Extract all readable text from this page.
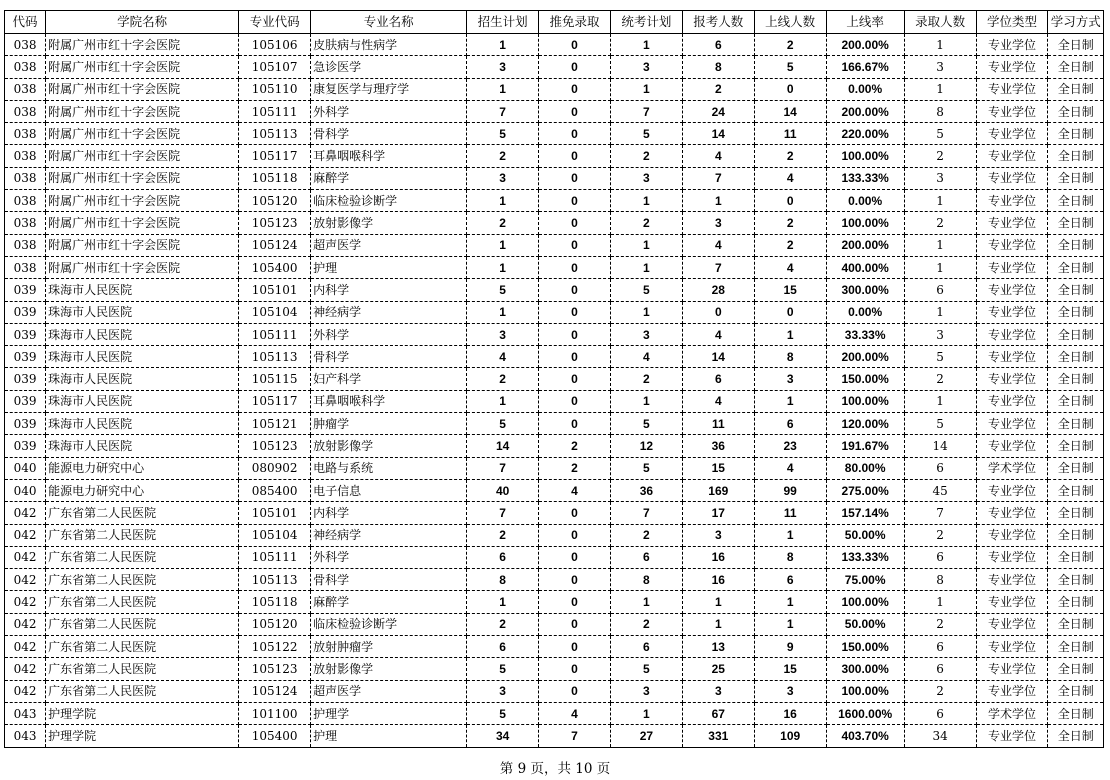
代码	学院名称	专业代码	专业名称	招生计划	推免录取	统考计划	报考人数	上线人数	上线率	录取人数	学位类型	学习方式
038	附属广州市红十字会医院	105106	皮肤病与性病学	1	0	1	6	2	200.00%	1	专业学位	全日制
038	附属广州市红十字会医院	105107	急诊医学	3	0	3	8	5	166.67%	3	专业学位	全日制
038	附属广州市红十字会医院	105110	康复医学与理疗学	1	0	1	2	0	0.00%	1	专业学位	全日制
038	附属广州市红十字会医院	105111	外科学	7	0	7	24	14	200.00%	8	专业学位	全日制
038	附属广州市红十字会医院	105113	骨科学	5	0	5	14	11	220.00%	5	专业学位	全日制
038	附属广州市红十字会医院	105117	耳鼻咽喉科学	2	0	2	4	2	100.00%	2	专业学位	全日制
038	附属广州市红十字会医院	105118	麻醉学	3	0	3	7	4	133.33%	3	专业学位	全日制
038	附属广州市红十字会医院	105120	临床检验诊断学	1	0	1	1	0	0.00%	1	专业学位	全日制
038	附属广州市红十字会医院	105123	放射影像学	2	0	2	3	2	100.00%	2	专业学位	全日制
038	附属广州市红十字会医院	105124	超声医学	1	0	1	4	2	200.00%	1	专业学位	全日制
038	附属广州市红十字会医院	105400	护理	1	0	1	7	4	400.00%	1	专业学位	全日制
039	珠海市人民医院	105101	内科学	5	0	5	28	15	300.00%	6	专业学位	全日制
039	珠海市人民医院	105104	神经病学	1	0	1	0	0	0.00%	1	专业学位	全日制
039	珠海市人民医院	105111	外科学	3	0	3	4	1	33.33%	3	专业学位	全日制
039	珠海市人民医院	105113	骨科学	4	0	4	14	8	200.00%	5	专业学位	全日制
039	珠海市人民医院	105115	妇产科学	2	0	2	6	3	150.00%	2	专业学位	全日制
039	珠海市人民医院	105117	耳鼻咽喉科学	1	0	1	4	1	100.00%	1	专业学位	全日制
039	珠海市人民医院	105121	肿瘤学	5	0	5	11	6	120.00%	5	专业学位	全日制
039	珠海市人民医院	105123	放射影像学	14	2	12	36	23	191.67%	14	专业学位	全日制
040	能源电力研究中心	080902	电路与系统	7	2	5	15	4	80.00%	6	学术学位	全日制
040	能源电力研究中心	085400	电子信息	40	4	36	169	99	275.00%	45	专业学位	全日制
042	广东省第二人民医院	105101	内科学	7	0	7	17	11	157.14%	7	专业学位	全日制
042	广东省第二人民医院	105104	神经病学	2	0	2	3	1	50.00%	2	专业学位	全日制
042	广东省第二人民医院	105111	外科学	6	0	6	16	8	133.33%	6	专业学位	全日制
042	广东省第二人民医院	105113	骨科学	8	0	8	16	6	75.00%	8	专业学位	全日制
042	广东省第二人民医院	105118	麻醉学	1	0	1	1	1	100.00%	1	专业学位	全日制
042	广东省第二人民医院	105120	临床检验诊断学	2	0	2	1	1	50.00%	2	专业学位	全日制
042	广东省第二人民医院	105122	放射肿瘤学	6	0	6	13	9	150.00%	6	专业学位	全日制
042	广东省第二人民医院	105123	放射影像学	5	0	5	25	15	300.00%	6	专业学位	全日制
042	广东省第二人民医院	105124	超声医学	3	0	3	3	3	100.00%	2	专业学位	全日制
043	护理学院	101100	护理学	5	4	1	67	16	1600.00%	6	学术学位	全日制
043	护理学院	105400	护理	34	7	27	331	109	403.70%	34	专业学位	全日制
第 9 页，共 10 页
